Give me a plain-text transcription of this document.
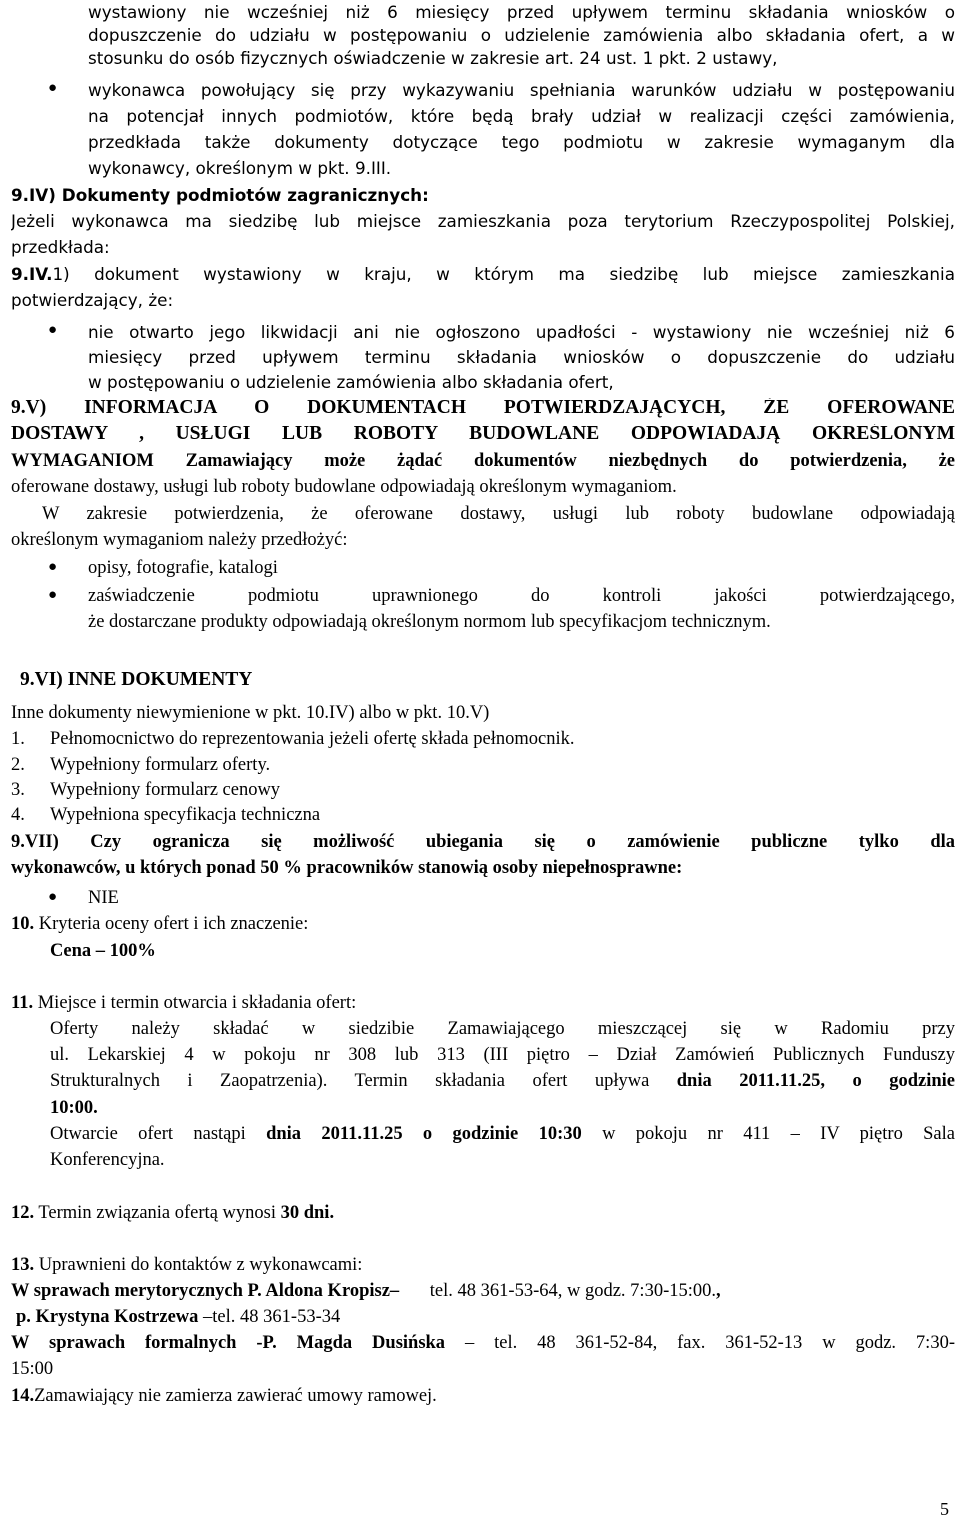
wystawiony nie wcześniej niż 6 miesięcy przed upływem terminu składania wniosków o
dopuszczenie do udziału w postępowaniu o udzielenie zamówienia albo składania ofert, a w
stosunku do osób fizycznych oświadczenie w zakresie art. 24 ust. 1 pkt. 2 ustawy,
● wykonawca powołujący się przy wykazywaniu spełniania warunków udziału w postępowaniu
na potencjał innych podmiotów, które będą brały udział w realizacji części zamówienia,
przedkłada także dokumenty dotyczące tego podmiotu w zakresie wymaganym dla
wykonawcy, określonym w pkt. 9.III.
9.IV) Dokumenty podmiotów zagranicznych:
Jeżeli wykonawca ma siedzibę lub miejsce zamieszkania poza terytorium Rzeczypospolitej Polskiej,
przedkłada:
9.IV.1) dokument wystawiony w kraju, w którym ma siedzibę lub miejsce zamieszkania
potwierdzający, że:
● nie otwarto jego likwidacji ani nie ogłoszono upadłości - wystawiony nie wcześniej niż 6
miesięcy przed upływem terminu składania wniosków o dopuszczenie do udziału
w postępowaniu o udzielenie zamówienia albo składania ofert,
9.V) INFORMACJA O DOKUMENTACH POTWIERDZAJĄCYCH, ŻE OFEROWANE
DOSTAWY , USŁUGI LUB ROBOTY BUDOWLANE ODPOWIADAJĄ OKREŚLONYM
WYMAGANIOM Zamawiający może żądać dokumentów niezbędnych do potwierdzenia, że
oferowane dostawy, usługi lub roboty budowlane odpowiadają określonym wymaganiom.
W zakresie potwierdzenia, że oferowane dostawy, usługi lub roboty budowlane odpowiadają
określonym wymaganiom należy przedłożyć:
● opisy, fotografie, katalogi
● zaświadczenie podmiotu uprawnionego do kontroli jakości potwierdzającego,
że dostarczane produkty odpowiadają określonym normom lub specyfikacjom technicznym.
9.VI) INNE DOKUMENTY
Inne dokumenty niewymienione w pkt. 10.IV) albo w pkt. 10.V)
1. Pełnomocnictwo do reprezentowania jeżeli ofertę składa pełnomocnik.
2. Wypełniony formularz oferty.
3. Wypełniony formularz cenowy
4. Wypełniona specyfikacja techniczna
9.VII) Czy ogranicza się możliwość ubiegania się o zamówienie publiczne tylko dla
wykonawców, u których ponad 50 % pracowników stanowią osoby niepełnosprawne:
● NIE
10. Kryteria oceny ofert i ich znaczenie:
Cena – 100%
11. Miejsce i termin otwarcia i składania ofert:
Oferty należy składać w siedzibie Zamawiającego mieszczącej się w Radomiu przy
ul. Lekarskiej 4 w pokoju nr 308 lub 313 (III piętro – Dział Zamówień Publicznych Funduszy
Strukturalnych i Zaopatrzenia). Termin składania ofert upływa dnia 2011.11.25, o godzinie
10:00.
Otwarcie ofert nastąpi dnia 2011.11.25 o godzinie 10:30 w pokoju nr 411 – IV piętro Sala
Konferencyjna.
12. Termin związania ofertą wynosi 30 dni.
13. Uprawnieni do kontaktów z wykonawcami:
W sprawach merytorycznych P. Aldona Kropisz– tel. 48 361-53-64, w godz. 7:30-15:00.,
p. Krystyna Kostrzewa –tel. 48 361-53-34
W sprawach formalnych -P. Magda Dusińska – tel. 48 361-52-84, fax. 361-52-13 w godz. 7:30-
15:00
14.Zamawiający nie zamierza zawierać umowy ramowej.
5
